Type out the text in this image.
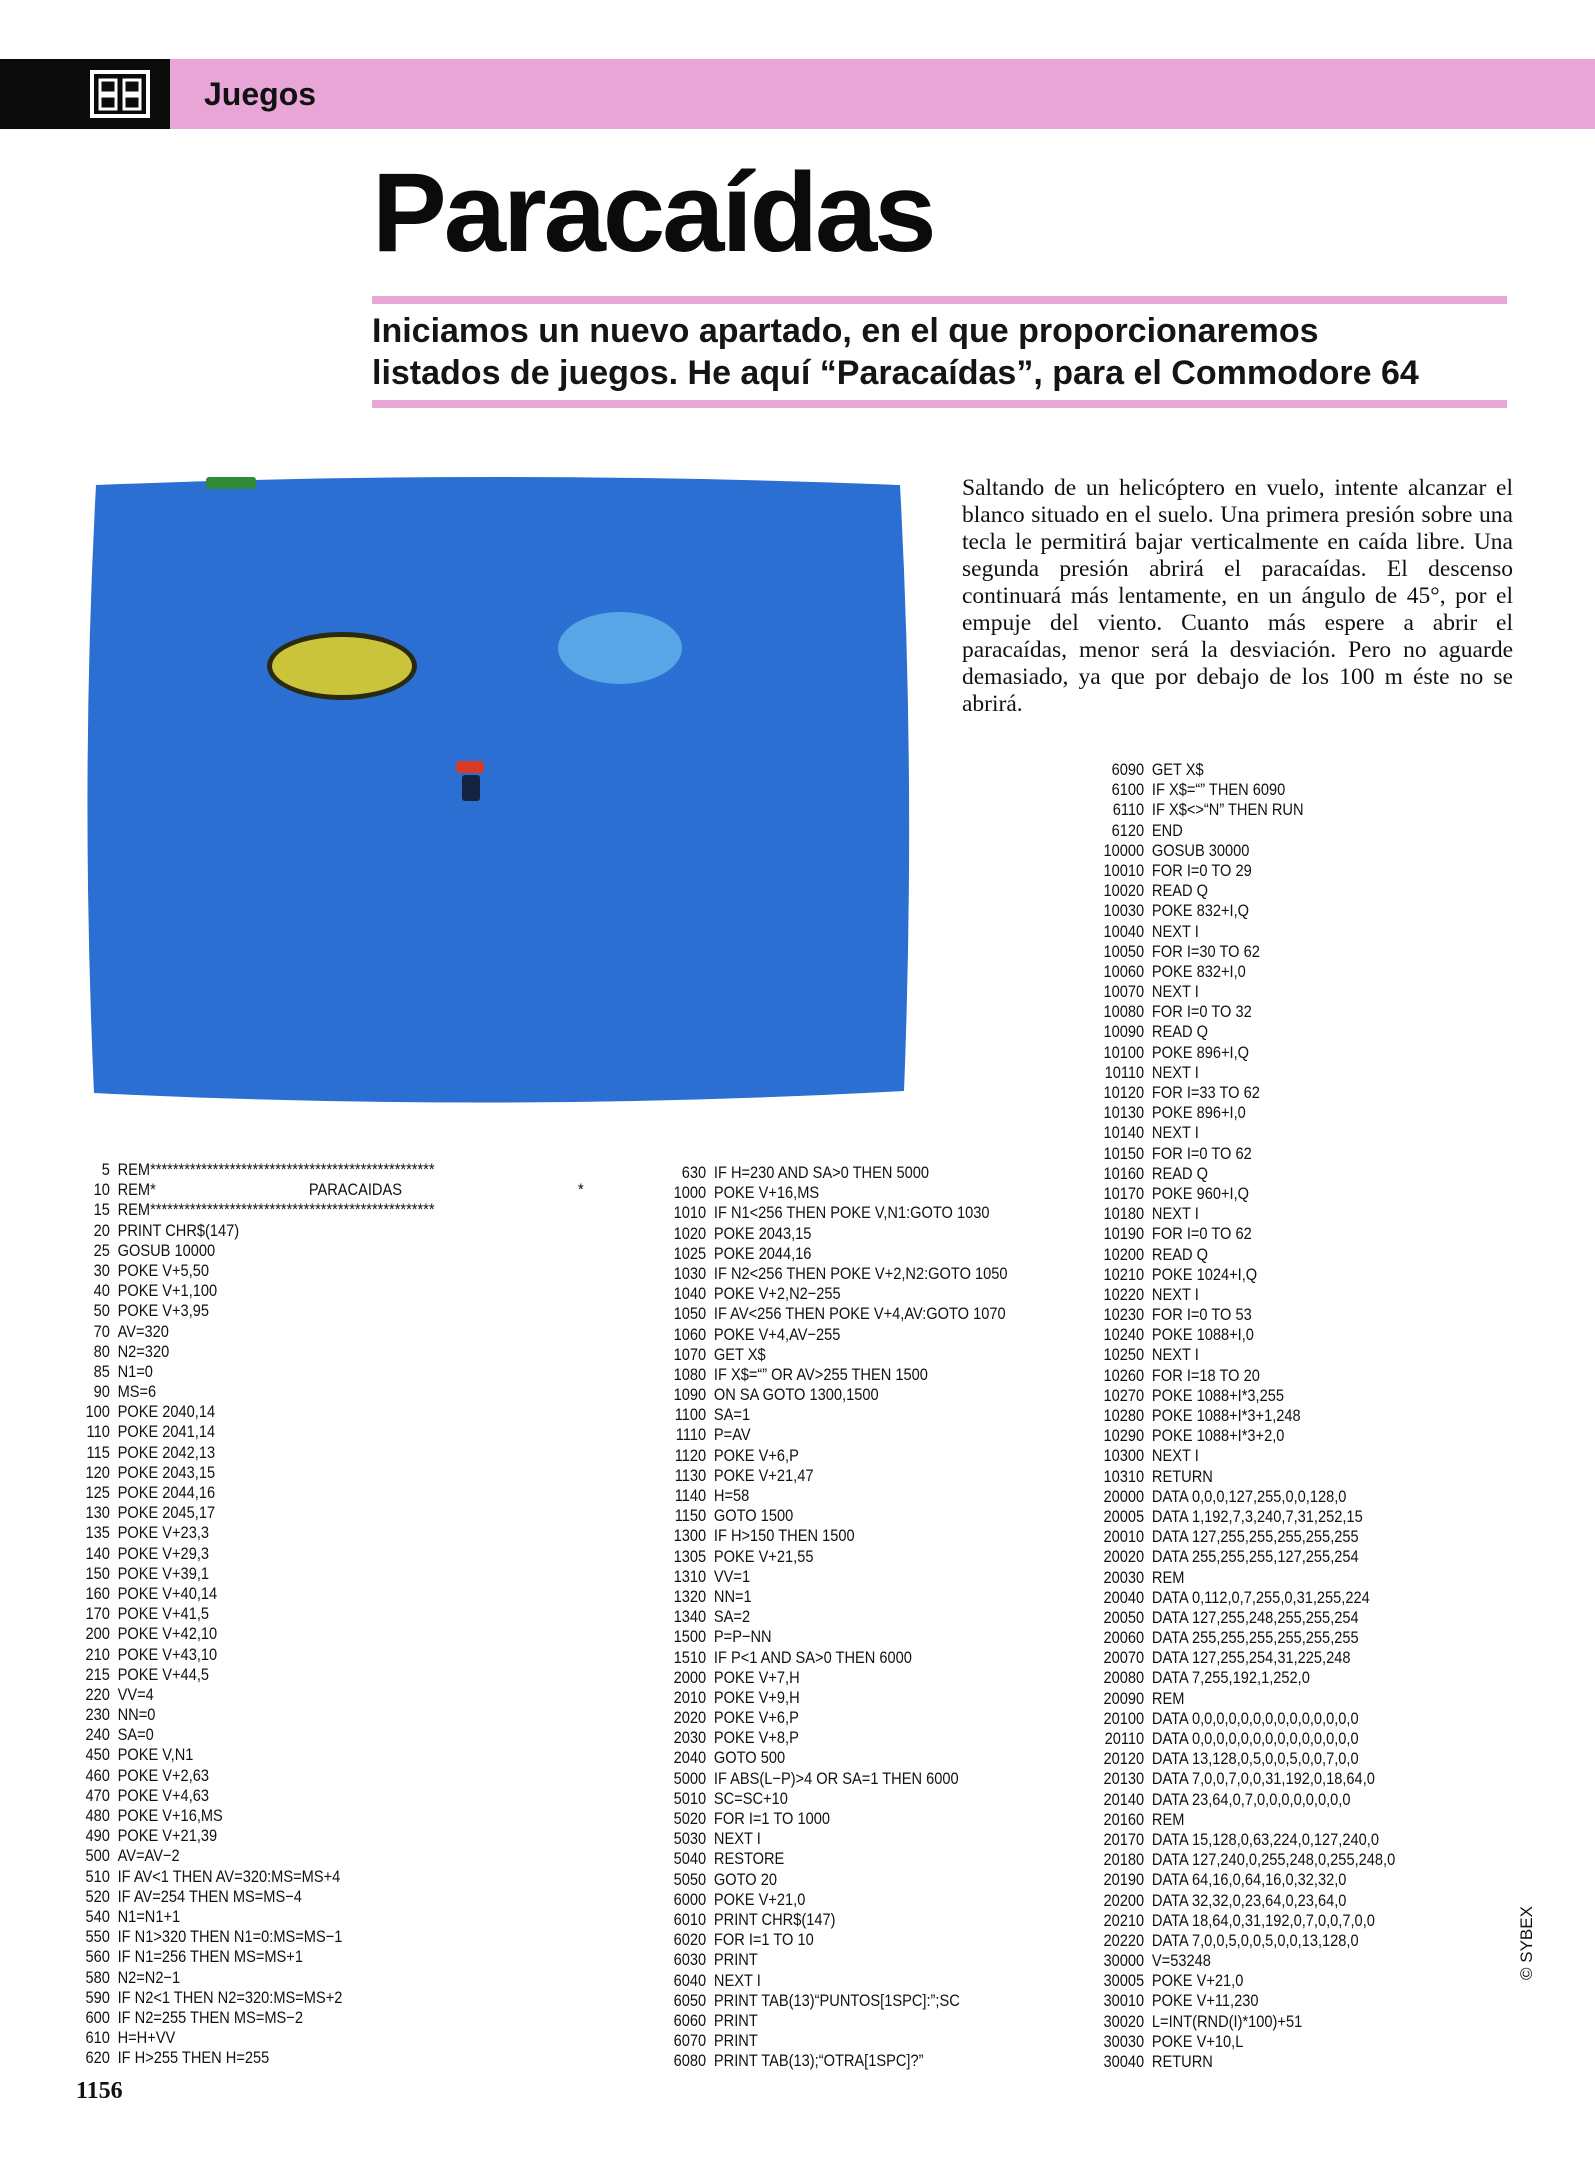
Juegos
Paracaídas
Iniciamos un nuevo apartado, en el que proporcionaremos
listados de juegos. He aquí “Paracaídas”, para el Commodore 64
Saltando de un helicóptero en vuelo, intente alcanzar el blanco situado en el suelo. Una primera presión sobre una tecla le permitirá bajar verticalmente en caída libre. Una segunda presión abrirá el paracaídas. El descenso continuará más lentamente, en un ángulo de 45°, por el empuje del viento. Cuanto más espere a abrir el paracaídas, menor será la desviación. Pero no aguarde demasiado, ya que por debajo de los 100 m éste no se abrirá.
5 REM**************************************************
10 REM*	PARACAIDAS	*
15 REM**************************************************
20 PRINT CHR$(147)
25 GOSUB 10000
30 POKE V+5,50
40 POKE V+1,100
50 POKE V+3,95
70 AV=320
80 N2=320
85 N1=0
90 MS=6
100 POKE 2040,14
110 POKE 2041,14
115 POKE 2042,13
120 POKE 2043,15
125 POKE 2044,16
130 POKE 2045,17
135 POKE V+23,3
140 POKE V+29,3
150 POKE V+39,1
160 POKE V+40,14
170 POKE V+41,5
200 POKE V+42,10
210 POKE V+43,10
215 POKE V+44,5
220 VV=4
230 NN=0
240 SA=0
450 POKE V,N1
460 POKE V+2,63
470 POKE V+4,63
480 POKE V+16,MS
490 POKE V+21,39
500 AV=AV−2
510 IF AV<1 THEN AV=320:MS=MS+4
520 IF AV=254 THEN MS=MS−4
540 N1=N1+1
550 IF N1>320 THEN N1=0:MS=MS−1
560 IF N1=256 THEN MS=MS+1
580 N2=N2−1
590 IF N2<1 THEN N2=320:MS=MS+2
600 IF N2=255 THEN MS=MS−2
610 H=H+VV
620 IF H>255 THEN H=255
630 IF H=230 AND SA>0 THEN 5000
1000 POKE V+16,MS
1010 IF N1<256 THEN POKE V,N1:GOTO 1030
1020 POKE 2043,15
1025 POKE 2044,16
1030 IF N2<256 THEN POKE V+2,N2:GOTO 1050
1040 POKE V+2,N2−255
1050 IF AV<256 THEN POKE V+4,AV:GOTO 1070
1060 POKE V+4,AV−255
1070 GET X$
1080 IF X$=“” OR AV>255 THEN 1500
1090 ON SA GOTO 1300,1500
1100 SA=1
1110 P=AV
1120 POKE V+6,P
1130 POKE V+21,47
1140 H=58
1150 GOTO 1500
1300 IF H>150 THEN 1500
1305 POKE V+21,55
1310 VV=1
1320 NN=1
1340 SA=2
1500 P=P−NN
1510 IF P<1 AND SA>0 THEN 6000
2000 POKE V+7,H
2010 POKE V+9,H
2020 POKE V+6,P
2030 POKE V+8,P
2040 GOTO 500
5000 IF ABS(L−P)>4 OR SA=1 THEN 6000
5010 SC=SC+10
5020 FOR I=1 TO 1000
5030 NEXT I
5040 RESTORE
5050 GOTO 20
6000 POKE V+21,0
6010 PRINT CHR$(147)
6020 FOR I=1 TO 10
6030 PRINT
6040 NEXT I
6050 PRINT TAB(13)“PUNTOS[1SPC]:”;SC
6060 PRINT
6070 PRINT
6080 PRINT TAB(13);“OTRA[1SPC]?”
6090 GET X$
6100 IF X$=“” THEN 6090
6110 IF X$<>“N” THEN RUN
6120 END
10000 GOSUB 30000
10010 FOR I=0 TO 29
10020 READ Q
10030 POKE 832+I,Q
10040 NEXT I
10050 FOR I=30 TO 62
10060 POKE 832+I,0
10070 NEXT I
10080 FOR I=0 TO 32
10090 READ Q
10100 POKE 896+I,Q
10110 NEXT I
10120 FOR I=33 TO 62
10130 POKE 896+I,0
10140 NEXT I
10150 FOR I=0 TO 62
10160 READ Q
10170 POKE 960+I,Q
10180 NEXT I
10190 FOR I=0 TO 62
10200 READ Q
10210 POKE 1024+I,Q
10220 NEXT I
10230 FOR I=0 TO 53
10240 POKE 1088+I,0
10250 NEXT I
10260 FOR I=18 TO 20
10270 POKE 1088+I*3,255
10280 POKE 1088+I*3+1,248
10290 POKE 1088+I*3+2,0
10300 NEXT I
10310 RETURN
20000 DATA 0,0,0,127,255,0,0,128,0
20005 DATA 1,192,7,3,240,7,31,252,15
20010 DATA 127,255,255,255,255,255
20020 DATA 255,255,255,127,255,254
20030 REM
20040 DATA 0,112,0,7,255,0,31,255,224
20050 DATA 127,255,248,255,255,254
20060 DATA 255,255,255,255,255,255
20070 DATA 127,255,254,31,225,248
20080 DATA 7,255,192,1,252,0
20090 REM
20100 DATA 0,0,0,0,0,0,0,0,0,0,0,0,0,0
20110 DATA 0,0,0,0,0,0,0,0,0,0,0,0,0,0
20120 DATA 13,128,0,5,0,0,5,0,0,7,0,0
20130 DATA 7,0,0,7,0,0,31,192,0,18,64,0
20140 DATA 23,64,0,7,0,0,0,0,0,0,0,0
20160 REM
20170 DATA 15,128,0,63,224,0,127,240,0
20180 DATA 127,240,0,255,248,0,255,248,0
20190 DATA 64,16,0,64,16,0,32,32,0
20200 DATA 32,32,0,23,64,0,23,64,0
20210 DATA 18,64,0,31,192,0,7,0,0,7,0,0
20220 DATA 7,0,0,5,0,0,5,0,0,13,128,0
30000 V=53248
30005 POKE V+21,0
30010 POKE V+11,230
30020 L=INT(RND(I)*100)+51
30030 POKE V+10,L
30040 RETURN
1156
© SYBEX
